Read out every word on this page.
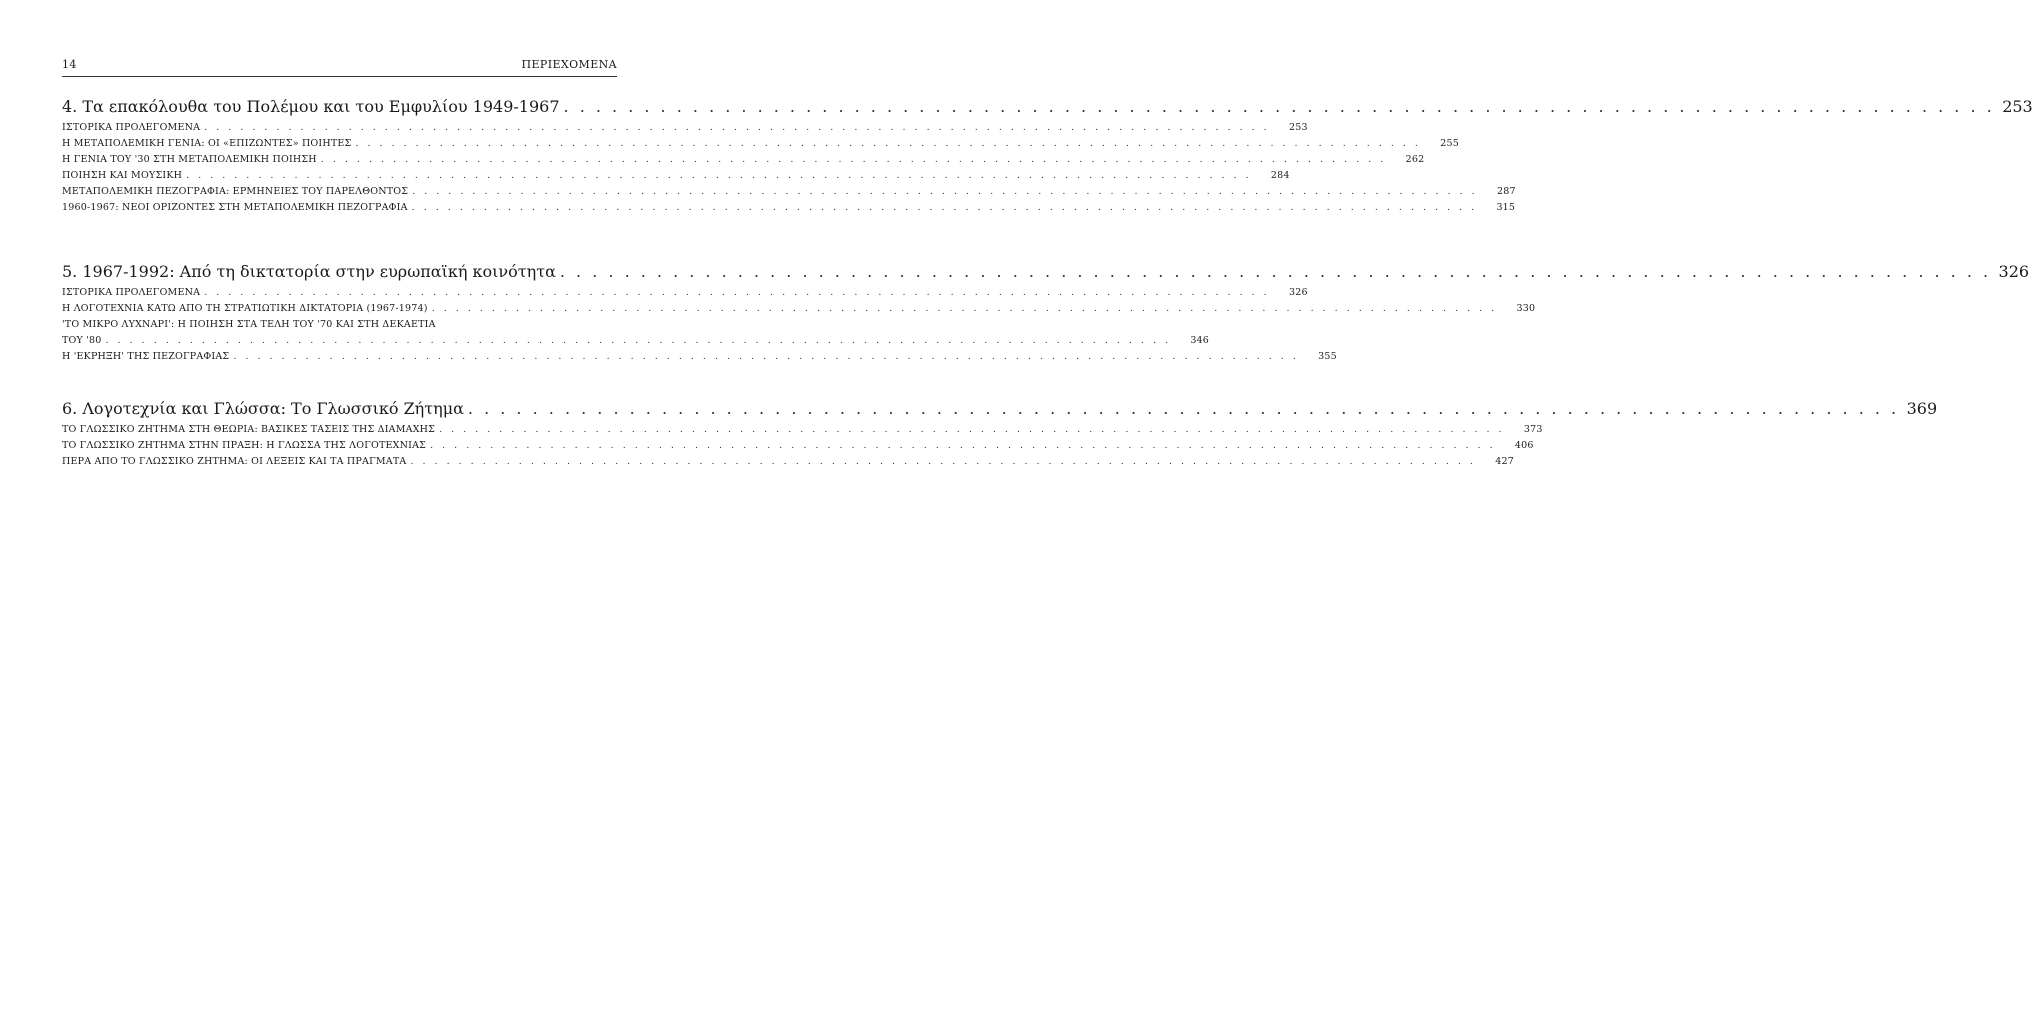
14	ΠΕΡΙΕΧΟΜΕΝΑ
4.
Τα επακόλουθα του Πολέμου και του Εμφυλίου 1949-1967 . . .	253
ΙΣΤΟΡΙΚΑ ΠΡΟΛΕΓΟΜΕΝΑ . . .	253
Η ΜΕΤΑΠΟΛΕΜΙΚΗ ΓΕΝΙΑ: ΟΙ «ΕΠΙΖΩΝΤΕΣ» ΠΟΙΗΤΕΣ . . .	255
Η ΓΕΝΙΑ ΤΟΥ '30 ΣΤΗ ΜΕΤΑΠΟΛΕΜΙΚΗ ΠΟΙΗΣΗ . . .	262
ΠΟΙΗΣΗ ΚΑΙ ΜΟΥΣΙΚΗ . . .	284
ΜΕΤΑΠΟΛΕΜΙΚΗ ΠΕΖΟΓΡΑΦΙΑ: ΕΡΜΗΝΕΙΕΣ ΤΟΥ ΠΑΡΕΛΘΟΝΤΟΣ . . .	287
1960-1967: ΝΕΟΙ ΟΡΙΖΟΝΤΕΣ ΣΤΗ ΜΕΤΑΠΟΛΕΜΙΚΗ ΠΕΖΟΓΡΑΦΙΑ . . .	315
5.
1967-1992: Από τη δικτατορία στην ευρωπαϊκή κοινότητα . . .	326
ΙΣΤΟΡΙΚΑ ΠΡΟΛΕΓΟΜΕΝΑ . . .	326
Η ΛΟΓΟΤΕΧΝΙΑ ΚΑΤΩ ΑΠΟ ΤΗ ΣΤΡΑΤΙΩΤΙΚΗ ΔΙΚΤΑΤΟΡΙΑ (1967-1974) . . .	330
'ΤΟ ΜΙΚΡΟ ΛΥΧΝΑΡΙ': Η ΠΟΙΗΣΗ ΣΤΑ ΤΕΛΗ ΤΟΥ '70 ΚΑΙ ΣΤΗ ΔΕΚΑΕΤΙΑ
ΤΟΥ '80 . . .	346
Η 'ΕΚΡΗΞΗ' ΤΗΣ ΠΕΖΟΓΡΑΦΙΑΣ . . .	355
6.
Λογοτεχνία και Γλώσσα: Το Γλωσσικό Ζήτημα . . .	369
ΤΟ ΓΛΩΣΣΙΚΟ ΖΗΤΗΜΑ ΣΤΗ ΘΕΩΡΙΑ: ΒΑΣΙΚΕΣ ΤΑΣΕΙΣ ΤΗΣ ΔΙΑΜΑΧΗΣ . . .	373
ΤΟ ΓΛΩΣΣΙΚΟ ΖΗΤΗΜΑ ΣΤΗΝ ΠΡΑΞΗ: Η ΓΛΩΣΣΑ ΤΗΣ ΛΟΓΟΤΕΧΝΙΑΣ . . .	406
ΠΕΡΑ ΑΠΟ ΤΟ ΓΛΩΣΣΙΚΟ ΖΗΤΗΜΑ: ΟΙ ΛΕΞΕΙΣ ΚΑΙ ΤΑ ΠΡΑΓΜΑΤΑ . . .	427
